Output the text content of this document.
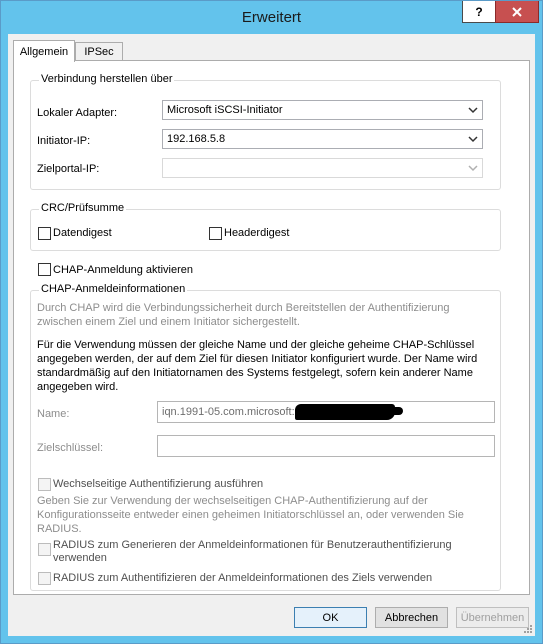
Erweitert	?
Allgemein IPSec
Verbindung herstellen über
Lokaler Adapter:	Microsoft iSCSI-Initiator
Initiator-IP:	192.168.5.8
Zielportal-IP:
CRC/Prüfsumme
Datendigest	Headerdigest
CHAP-Anmeldung aktivieren
CHAP-Anmeldeinformationen
Durch CHAP wird die Verbindungssicherheit durch Bereitstellen der Authentifizierung zwischen einem Ziel und einem Initiator sichergestellt.
Für die Verwendung müssen der gleiche Name und der gleiche geheime CHAP-Schlüssel angegeben werden, der auf dem Ziel für diesen Initiator konfiguriert wurde. Der Name wird standardmäßig auf den Initiatornamen des Systems festgelegt, sofern kein anderer Name angegeben wird.
Name:	iqn.1991-05.com.microsoft:
Zielschlüssel:
Wechselseitige Authentifizierung ausführen
Geben Sie zur Verwendung der wechselseitigen CHAP-Authentifizierung auf der Konfigurationsseite entweder einen geheimen Initiatorschlüssel an, oder verwenden Sie RADIUS.
RADIUS zum Generieren der Anmeldeinformationen für Benutzerauthentifizierung verwenden
RADIUS zum Authentifizieren der Anmeldeinformationen des Ziels verwenden
OK	Abbrechen Übernehmen
